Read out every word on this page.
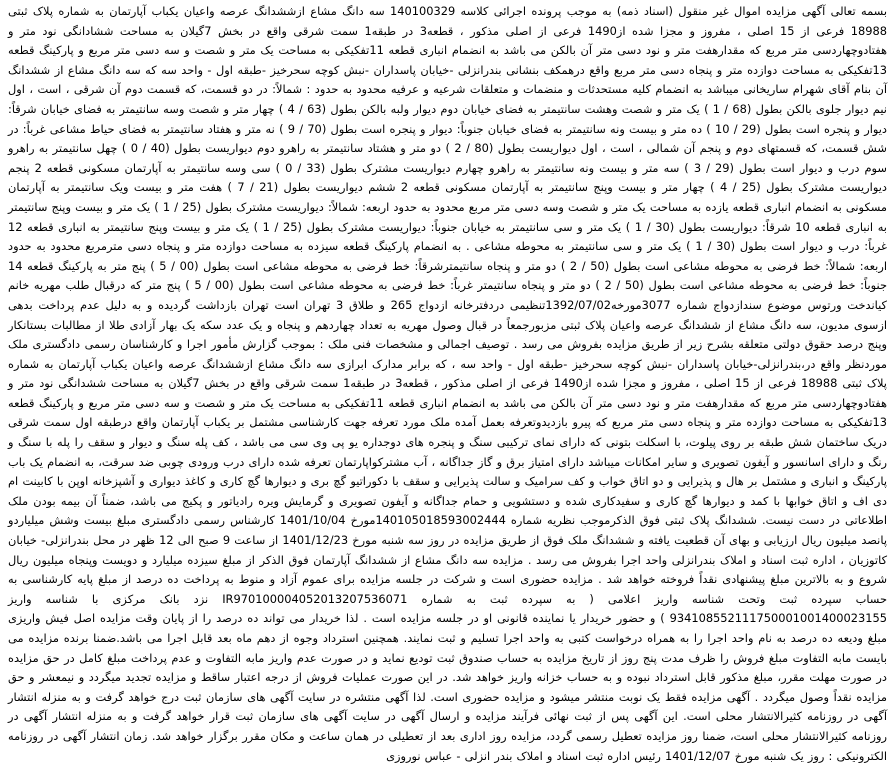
بسمه تعالی آگهی مزایده اموال غیر منقول (اسناد ذمه) به موجب پرونده اجرائی کلاسه 140100329 سه دانگ مشاع ازششدانگ عرصه واعیان یکباب آپارتمان به شماره پلاک ثبتی 18988 فرعی از 15 اصلی ، مفروز و مجزا شده از1490 فرعی از اصلی مذکور ، قطعه3 در طبقه1 سمت شرقی واقع در بخش 7گیلان به مساحت ششادانگی نود متر و هفتادوچهاردسی متر مربع که مقدارهفت متر و نود دسی متر آن بالکن می باشد به انضمام انباری قطعه 11تفکیکی به مساحت یک متر و شصت و سه دسی متر مربع و پارکینگ قطعه 13تفکیکی به مساحت دوازده متر و پنجاه دسی متر مربع واقع درهمکف بنشانی بندرانزلی -خیابان پاسداران -نبش کوچه سحرخیز -طبقه اول - واحد سه که سه دانگ مشاع از ششدانگ آن بنام آقای شهرام ساریخانی میباشد به انضمام کلیه مستحدثات و منضمات و متعلقات شرعیه و عرفیه محدود به حدود : شمالاً: در دو قسمت، که قسمت دوم آن شرقی ، است ، اول نیم دیوار جلوی بالکن بطول (68 / 1 ) یک متر و شصت وهشت سانتیمتر به فضای خیابان دوم دیوار ولبه بالکن بطول (63 / 4 ) چهار متر و شصت وسه سانتیمتر به فضای خیابان شرقاً: دیوار و پنجره است بطول (29 / 10 ) ده متر و بیست ونه سانتیمتر به فضای خیابان جنوباً: دیوار و پنجره است بطول (70 / 9 ) نه متر و هفتاد سانتیمتر به فضای حیاط مشاعی غرباً: در شش قسمت، که قسمتهای دوم و پنجم آن شمالی ، است ، اول دیواریست بطول (80 / 2 ) دو متر و هشتاد سانتیمتر به راهرو دوم دیواریست بطول (40 / 0 ) چهل سانتیمتر به راهرو سوم درب و دیوار است بطول (29 / 3 ) سه متر و بیست ونه سانتیمتر به راهرو چهارم دیواریست مشترک بطول (33 / 0 ) سی وسه سانتیمتر به آپارتمان مسکونی قطعه 2 پنجم دیواریست مشترک بطول (25 / 4 ) چهار متر و بیست وپنج سانتیمتر به آپارتمان مسکونی قطعه 2 ششم دیواریست بطول (21 / 7 ) هفت متر و بیست ویک سانتیمتر به آپارتمان مسکونی به انضمام انباری قطعه یازده به مساحت یک متر و شصت وسه دسی متر مربع محدود به حدود اربعه: شمالاً: دیواریست مشترک بطول (25 / 1 ) یک متر و بیست وپنج سانتیمتر به انباری قطعه 10 شرقاً: دیواریست بطول (30 / 1 ) یک متر و سی سانتیمتر به خیابان جنوباً: دیواریست مشترک بطول (25 / 1 ) یک متر و بیست وپنج سانتیمتر به انباری قطعه 12 غرباً: درب و دیوار است بطول (30 / 1 ) یک متر و سی سانتیمتر به محوطه مشاعی . به انضمام پارکینگ قطعه سیزده به مساحت دوازده متر و پنجاه دسی مترمربع محدود به حدود اربعه: شمالاً: خط فرضی به محوطه مشاعی است بطول (50 / 2 ) دو متر و پنجاه سانتیمترشرقاً: خط فرضی به محوطه مشاعی است بطول (00 / 5 ) پنج متر به پارکینگ قطعه 14 جنوباً: خط فرضی به محوطه مشاعی است بطول (50 / 2 ) دو متر و پنجاه سانتیمتر غرباً: خط فرضی به محوطه مشاعی است بطول (00 / 5 ) پنج متر که درقبال طلب مهریه خانم کیاندخت ورتوس موضوع سندازدواج شماره 3077مورخه1392/07/02تنظیمی دردفترخانه ازدواج 265 و طلاق 3 تهران است تهران بازداشت گردیده و به دلیل عدم پرداخت بدهی ازسوی مدیون، سه دانگ مشاع از ششدانگ عرصه واعیان پلاک ثبتی مزبورجمعاً در قبال وصول مهریه به تعداد چهاردهم و پنجاه و یک عدد سکه یک بهار آزادی طلا از مطالبات بستانکار وپنج درصد حقوق دولتی متعلقه بشرح زیر از طریق مزایده بفروش می رسد . توصیف اجمالی و مشخصات فنی ملک : بموجب گزارش مأمور اجرا و کارشناسان رسمی دادگستری ملک موردنظر واقع در،بندرانزلی-خیابان پاسداران -نبش کوچه سحرخیز -طبقه اول - واحد سه ، که برابر مدارک ابرازی سه دانگ مشاع ازششدانگ عرصه واعیان یکباب آپارتمان به شماره پلاک ثبتی 18988 فرعی از 15 اصلی ، مفروز و مجزا شده از1490 فرعی از اصلی مذکور ، قطعه3 در طبقه1 سمت شرقی واقع در بخش 7گیلان به مساحت ششدانگی نود متر و هفتادوچهاردسی متر مربع که مقدارهفت متر و نود دسی متر آن بالکن می باشد به انضمام انباری قطعه 11تفکیکی به مساحت یک متر و شصت و سه دسی متر مربع و پارکینگ قطعه 13تفکیکی به مساحت دوازده متر و پنجاه دسی متر مربع که پیرو بازدیدوتعرفه بعمل آمده ملک مورد تعرفه جهت کارشناسی مشتمل بر یکباب آپارتمان واقع درطبقه اول سمت شرقی دریک ساختمان شش طبقه بر روی پیلوت، با اسکلت بتونی که دارای نمای ترکیبی سنگ و پنجره های دوجداره یو پی وی سی می باشد ، کف پله سنگ و دیوار و سقف را پله با سنگ و رنگ و دارای اسانسور و آیفون تصویری و سایر امکانات میباشد دارای امتیاز برق و گاز جداگانه ، آب مشترکواپارتمان تعرفه شده دارای درب ورودی چوبی ضد سرقت، به انضمام یک باب پارکینگ و انباری و مشتمل بر هال و پذیرایی و دو اتاق خواب و کف سرامیک و سالت پذیرایی و سقف با دکوراتیو گچ بری و دیوارها گچ کاری و کاغذ دیواری و آشپزخانه اوپن با کابینت ام دی اف و اتاق خوابها با کمد و دیوارها گچ کاری و سفیدکاری شده و دستشویی و حمام جداگانه و آیفون تصویری و گرمایش ویره رادیاتور و پکیج می باشد، ضمناً آن بیمه بودن ملک اطلاعاتی در دست نیست. ششدانگ پلاک ثبتی فوق الذکرموجب نظریه شماره 140105018593002444مورخ 1401/10/04 کارشناس رسمی دادگستری مبلغ بیست وشش میلیاردو پانصد میلیون ریال ارزیابی و بهای آن قطعیت یافته و ششدانگ ملک فوق از طریق مزایده در روز سه شنبه مورخ 1401/12/23 از ساعت 9 صبح الی 12 ظهر در محل بندرانزلی- خیابان کاتوزیان ، اداره ثبت اسناد و املاک بندرانزلی واحد اجرا بفروش می رسد . مزایده سه دانگ مشاع از ششدانگ آپارتمان فوق الذکر از مبلغ سیزده میلیارد و دویست وپنجاه میلیون ریال شروع و به بالاترین مبلغ پیشنهادی نقداً فروخته خواهد شد . مزایده حضوری است و شرکت در جلسه مزایده برای عموم آزاد و منوط به پرداخت ده درصد از مبلغ پایه کارشناسی به حساب سپرده ثبت وتحت شناسه واریز اعلامی ( به سپرده ثبت به شماره IR970100004052013207536071 نزد بانک مرکزی با شناسه واریز 934108552111750001001400023155 ) و حضور خریدار یا نماینده قانونی او در جلسه مزایده است . لذا خریدار می تواند ده درصد را از پایان وقت مزایده اصل فیش واریزی مبلغ ودیعه ده درصد به نام واحد اجرا را به همراه درخواست کتبی به واحد اجرا تسلیم و ثبت نمایند. همچنین استرداد وجوه از دهم ماه بعد قابل اجرا می باشد.ضمنا برنده مزایده می بایست مابه التفاوت مبلغ فروش را ظرف مدت پنج روز از تاریخ مزایده به حساب صندوق ثبت تودیع نماید و در صورت عدم واریز مابه التفاوت و عدم پرداخت مبلغ کامل در حق مزایده در صورت مهلت مقرر، مبلغ مذکور قابل استرداد نبوده و به حساب خزانه واریز خواهد شد. در این صورت عملیات فروش از درجه اعتبار ساقط و مزایده تجدید میگردد و نیمعشر و حق مزایده نقداً وصول میگردد . آگهی مزایده فقط یک نوبت منتشر میشود و مزایده حضوری است. لذا آگهی منتشره در سایت آگهی های سازمان ثبت درج خواهد گرفت و به منزله انتشار آگهی در روزنامه کثیرالانتشار محلی است. این آگهی پس از ثبت نهائی فرآیند مزایده و ارسال آگهی در سایت آگهی های سازمان ثبت قرار خواهد گرفت و به منزله انتشار آگهی در روزنامه کثیرالانتشار محلی است، ضمنا روز مزایده تعطیل رسمی گردد، مزایده روز اداری بعد از تعطیلی در همان ساعت و مکان مقرر برگزار خواهد شد. زمان انتشار آگهی در روزنامه الکترونیکی : روز یک شنبه مورخ 1401/12/07 رئیس اداره ثبت اسناد و املاک بندر انزلی - عباس نوروزی
